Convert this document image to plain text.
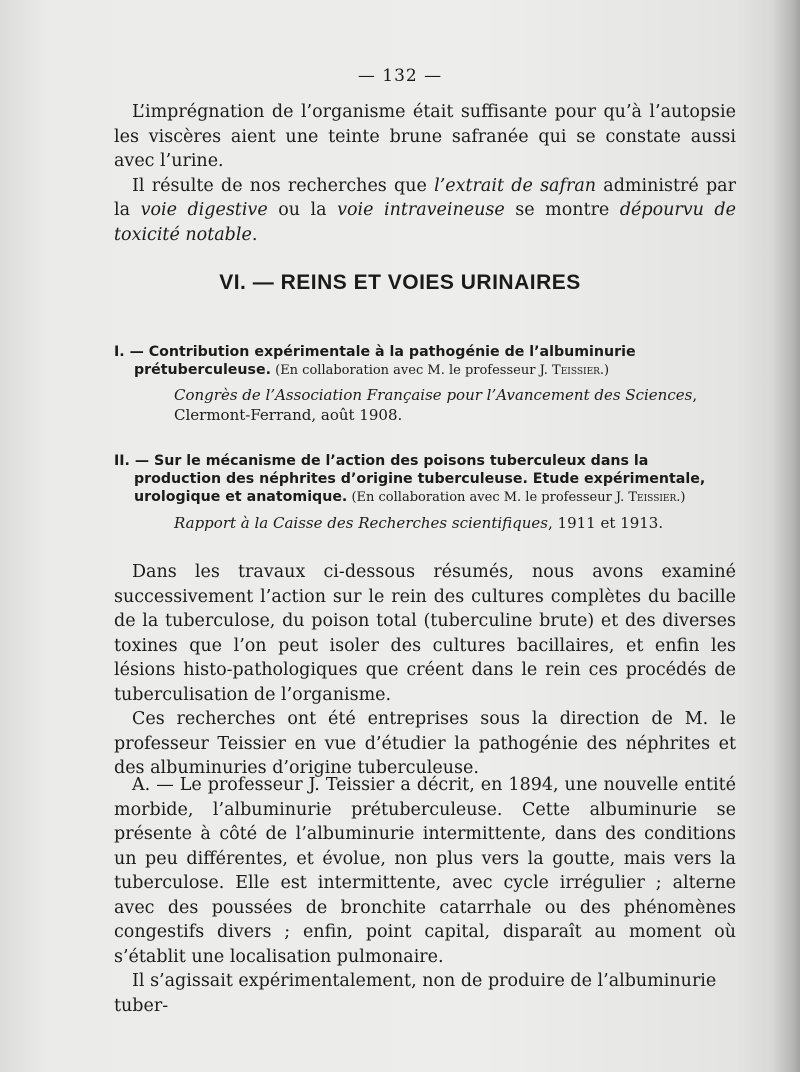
— 132 —

L’imprégnation de l’organisme était suffisante pour qu’à l’autopsie les viscères aient une teinte brune safranée qui se constate aussi avec l’urine.

Il résulte de nos recherches que l’extrait de safran administré par la voie digestive ou la voie intraveineuse se montre dépourvu de toxicité notable.

VI. — REINS ET VOIES URINAIRES
I. — Contribution expérimentale à la pathogénie de l’albuminurie prétuberculeuse. (En collaboration avec M. le professeur J. Teissier.)
Congrès de l’Association Française pour l’Avancement des Sciences, Clermont-Ferrand, août 1908.
II. — Sur le mécanisme de l’action des poisons tuberculeux dans la production des néphrites d’origine tuberculeuse. Etude expérimentale, urologique et anatomique. (En collaboration avec M. le professeur J. Teissier.)
Rapport à la Caisse des Recherches scientifiques, 1911 et 1913.

Dans les travaux ci-dessous résumés, nous avons examiné successivement l’action sur le rein des cultures complètes du bacille de la tuberculose, du poison total (tuberculine brute) et des diverses toxines que l’on peut isoler des cultures bacillaires, et enfin les lésions histo-pathologiques que créent dans le rein ces procédés de tuberculisation de l’organisme.

Ces recherches ont été entreprises sous la direction de M. le professeur Teissier en vue d’étudier la pathogénie des néphrites et des albuminuries d’origine tuberculeuse.

A. — Le professeur J. Teissier a décrit, en 1894, une nouvelle entité morbide, l’albuminurie prétuberculeuse. Cette albuminurie se présente à côté de l’albuminurie intermittente, dans des conditions un peu différentes, et évolue, non plus vers la goutte, mais vers la tuberculose. Elle est intermittente, avec cycle irrégulier ; alterne avec des poussées de bronchite catarrhale ou des phénomènes congestifs divers ; enfin, point capital, disparaît au moment où s’établit une localisation pulmonaire.

Il s’agissait expérimentalement, non de produire de l’albuminurie tuber-
